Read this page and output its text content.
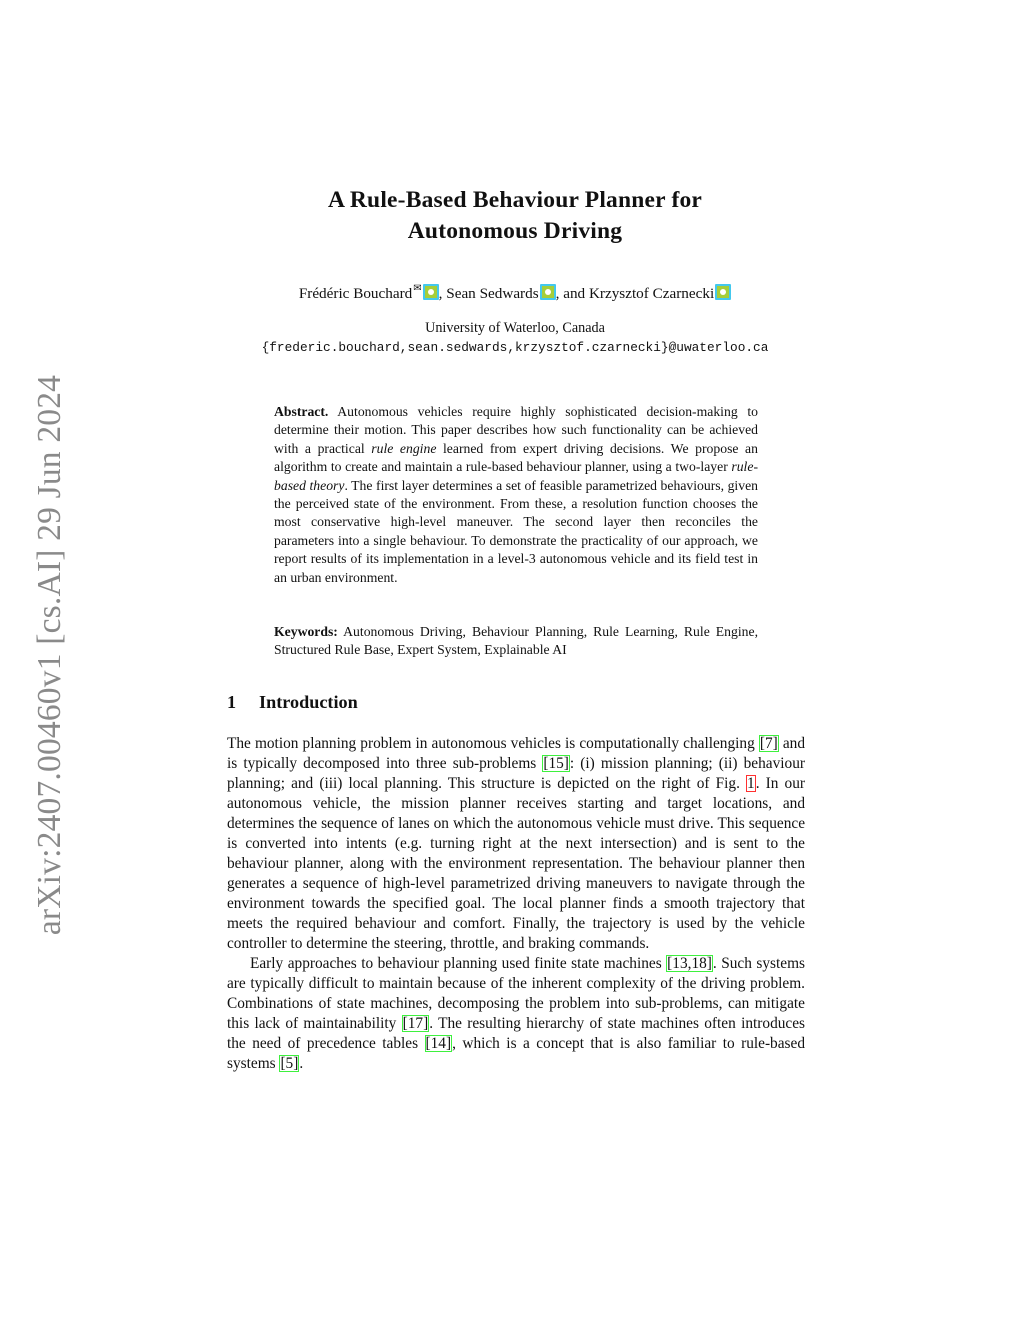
arXiv:2407.00460v1 [cs.AI] 29 Jun 2024
A Rule-Based Behaviour Planner for
Autonomous Driving
Frédéric Bouchard✉ , Sean Sedwards , and Krzysztof Czarnecki
University of Waterloo, Canada
{frederic.bouchard,sean.sedwards,krzysztof.czarnecki}@uwaterloo.ca
Abstract. Autonomous vehicles require highly sophisticated decision-making to determine their motion. This paper describes how such functionality can be achieved with a practical rule engine learned from expert driving decisions. We propose an algorithm to create and maintain a rule-based behaviour planner, using a two-layer rule-based theory. The first layer determines a set of feasible parametrized behaviours, given the perceived state of the environment. From these, a resolution function chooses the most conservative high-level maneuver. The second layer then reconciles the parameters into a single behaviour. To demonstrate the practicality of our approach, we report results of its implementation in a level-3 autonomous vehicle and its field test in an urban environment.
Keywords: Autonomous Driving, Behaviour Planning, Rule Learning, Rule Engine, Structured Rule Base, Expert System, Explainable AI
1 Introduction

The motion planning problem in autonomous vehicles is computationally challenging [7] and is typically decomposed into three sub-problems [15]: (i) mission planning; (ii) behaviour planning; and (iii) local planning. This structure is depicted on the right of Fig. 1. In our autonomous vehicle, the mission planner receives starting and target locations, and determines the sequence of lanes on which the autonomous vehicle must drive. This sequence is converted into intents (e.g. turning right at the next intersection) and is sent to the behaviour planner, along with the environment representation. The behaviour planner then generates a sequence of high-level parametrized driving maneuvers to navigate through the environment towards the specified goal. The local planner finds a smooth trajectory that meets the required behaviour and comfort. Finally, the trajectory is used by the vehicle controller to determine the steering, throttle, and braking commands.

Early approaches to behaviour planning used finite state machines [13,18]. Such systems are typically difficult to maintain because of the inherent complexity of the driving problem. Combinations of state machines, decomposing the problem into sub-problems, can mitigate this lack of maintainability [17]. The resulting hierarchy of state machines often introduces the need of precedence tables [14], which is a concept that is also familiar to rule-based systems [5].
